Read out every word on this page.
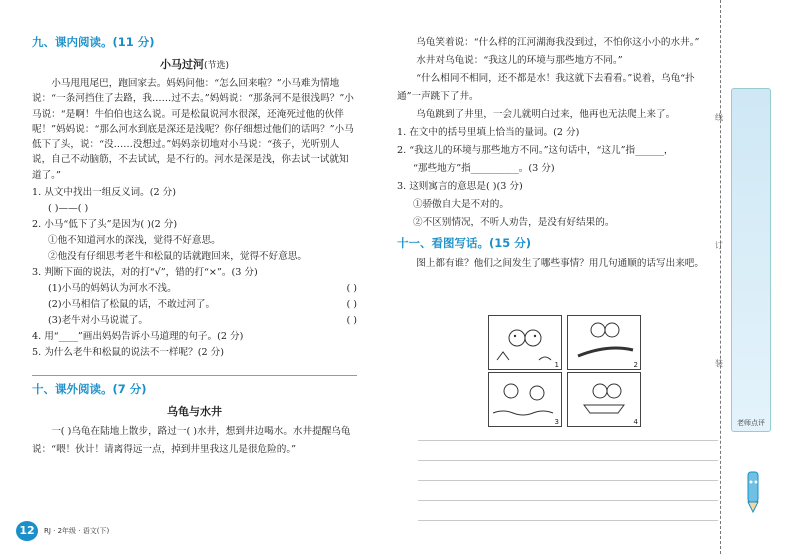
九、课内阅读。(11 分)

小马过河(节选)

小马甩甩尾巴，跑回家去。妈妈问他：“怎么回来啦？”小马难为情地说：“一条河挡住了去路，我……过不去。”妈妈说：“那条河不是很浅吗？”小马说：“是啊！牛伯伯也这么说。可是松鼠说河水很深，还淹死过他的伙伴呢！”妈妈说：“那么河水到底是深还是浅呢？你仔细想过他们的话吗？”小马低下了头，说：“没……没想过。”妈妈亲切地对小马说：“孩子，光听别人说，自己不动脑筋，不去试试，是不行的。河水是深是浅，你去试一试就知道了。”

1. 从文中找出一组反义词。(2 分)

( )——( )

2. 小马“低下了头”是因为( )(2 分)

①他不知道河水的深浅，觉得不好意思。

②他没有仔细思考老牛和松鼠的话就跑回来，觉得不好意思。

3. 判断下面的说法，对的打“√”，错的打“×”。(3 分)

(1)小马的妈妈认为河水不浅。	( )
(2)小马相信了松鼠的话，不敢过河了。	( )
(3)老牛对小马说谎了。	( )

4. 用“____”画出妈妈告诉小马道理的句子。(2 分)

5. 为什么老牛和松鼠的说法不一样呢？(2 分)

十、课外阅读。(7 分)

乌龟与水井

一( )乌龟在陆地上散步，路过一( )水井，想到井边喝水。水井提醒乌龟说：“喂！伙计！请离得远一点，掉到井里我这儿是很危险的。”

乌龟笑着说：“什么样的江河湖海我没到过，不怕你这小小的水井。”

水井对乌龟说：“我这儿的环境与那些地方不同。”

“什么相同不相同，还不都是水！我这就下去看看。”说着，乌龟“扑通”一声跳下了井。

乌龟跳到了井里，一会儿就明白过来，他再也无法爬上来了。

1. 在文中的括号里填上恰当的量词。(2 分)

2. “我这儿的环境与那些地方不同。”这句话中，“这儿”指______，

“那些地方”指__________。(3 分)

3. 这则寓言的意思是( )(3 分)

①骄傲自大是不对的。

②不区别情况，不听人劝告，是没有好结果的。

十一、看图写话。(15 分)

图上都有谁？他们之间发生了哪些事情？用几句通顺的话写出来吧。

1	2
3	4
线
订
装
老师点评
12	RJ · 2年级 · 语文(下)
